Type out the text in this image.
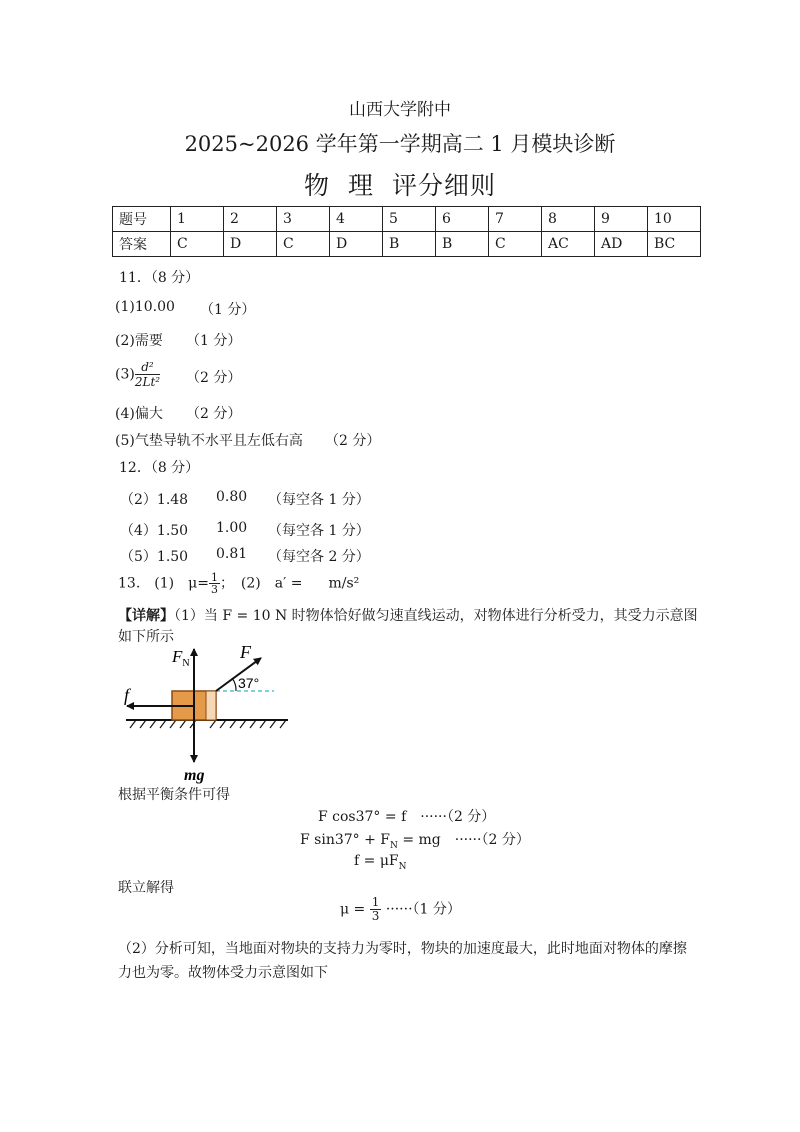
山西大学附中
2025~2026 学年第一学期高二 1 月模块诊断
物 理 评分细则
题号	1	2	3	4	5	6	7	8	9	10
答案	C	D	C	D	B	B	C	AC	AD	BC
11．（8 分）
(1)10.00 （1 分）
(2)需要 （1 分）
$(3) \frac{\text{d²}}{\text{2Lt²}} (2$ 分）
(4)偏大 （2 分）
(5)气垫导轨不水平且左低右高 （2 分）
12．（8 分）
（2）1.48 0.80 （每空各 1 分）
（4）1.50 1.00 （每空各 1 分）
（5）1.50 0.81 （每空各 2 分）
13.　(1)　$\mu= \frac{1}{3}$ ；　(2)　a′ = m/s²
【详解】（1）当 F = 10 N 时物体恰好做匀速直线运动，对物体进行分析受力，其受力示意图
如下所示
$F_N$
F
37°
f
mg
根据平衡条件可得
F cos37° = f　······（2 分）
F $\sin 37^\circ + F_N$ = mg　······（2 分）
$f = \mu F_N$
联立解得
$\mu = \frac{1}{3} \cdot\cdot\cdot\cdot\cdot\cdot(1$ 分）
（2）分析可知，当地面对物块的支持力为零时，物块的加速度最大，此时地面对物体的摩擦
力也为零。故物体受力示意图如下
